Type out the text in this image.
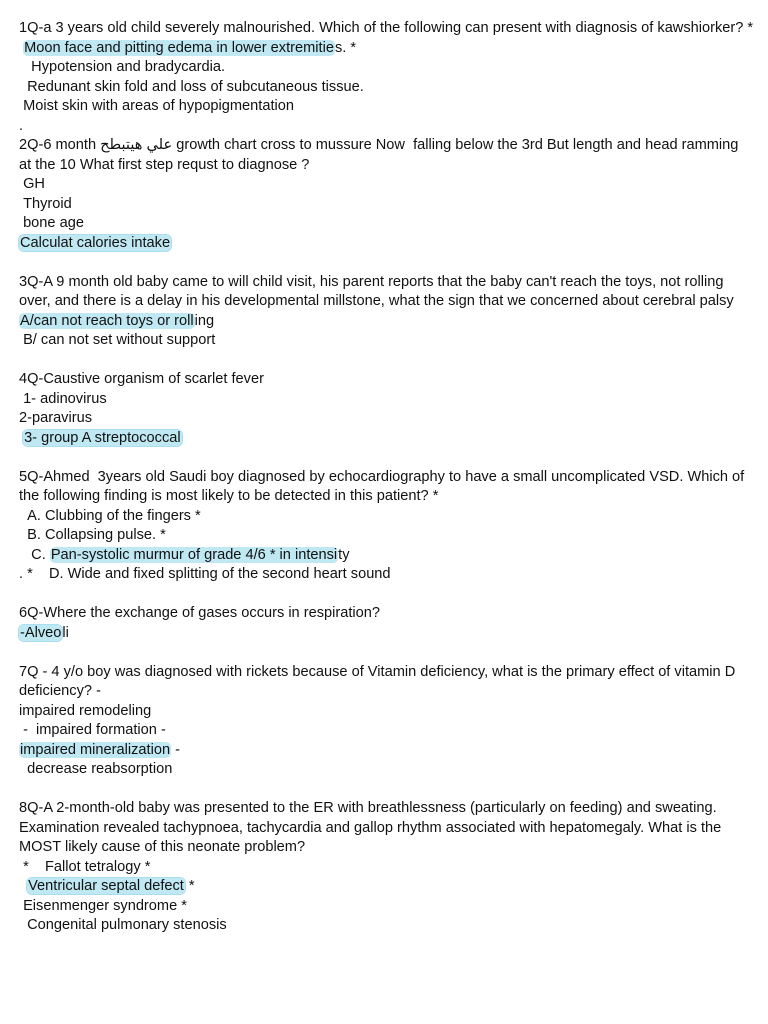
1Q-a 3 years old child severely malnourished. Which of the following can present with diagnosis of kawshiorker? *
Moon face and pitting edema in lower extremities. *
Hypotension and bradycardia.
Redunant skin fold and loss of subcutaneous tissue.
Moist skin with areas of hypopigmentation
.
2Q-6 month علي هيتبطح growth chart cross to mussure Now  falling below the 3rd But length and head ramming at the 10 What first step requst to diagnose ?
GH
Thyroid
bone age
Calculat calories intake
3Q-A 9 month old baby came to will child visit, his parent reports that the baby can't reach the toys, not rolling over, and there is a delay in his developmental millstone, what the sign that we concerned about cerebral palsy
A/can not reach toys or rolling
B/ can not set without support
4Q-Caustive organism of scarlet fever
1- adinovirus
2-paravirus
3- group A streptococcal
5Q-Ahmed  3years old Saudi boy diagnosed by echocardiography to have a small uncomplicated VSD. Which of the following finding is most likely to be detected in this patient? *
A. Clubbing of the fingers *
B. Collapsing pulse. *
C. Pan-systolic murmur of grade 4/6 * in intensity
. *    D. Wide and fixed splitting of the second heart sound
6Q-Where the exchange of gases occurs in respiration?
-Alveoli
7Q - 4 y/o boy was diagnosed with rickets because of Vitamin deficiency, what is the primary effect of vitamin D deficiency? -
impaired remodeling
-  impaired formation -
impaired mineralization -
decrease reabsorption
8Q-A 2-month-old baby was presented to the ER with breathlessness (particularly on feeding) and sweating. Examination revealed tachypnoea, tachycardia and gallop rhythm associated with hepatomegaly. What is the MOST likely cause of this neonate problem?
*    Fallot tetralogy *
Ventricular septal defect *
Eisenmenger syndrome *
Congenital pulmonary stenosis
